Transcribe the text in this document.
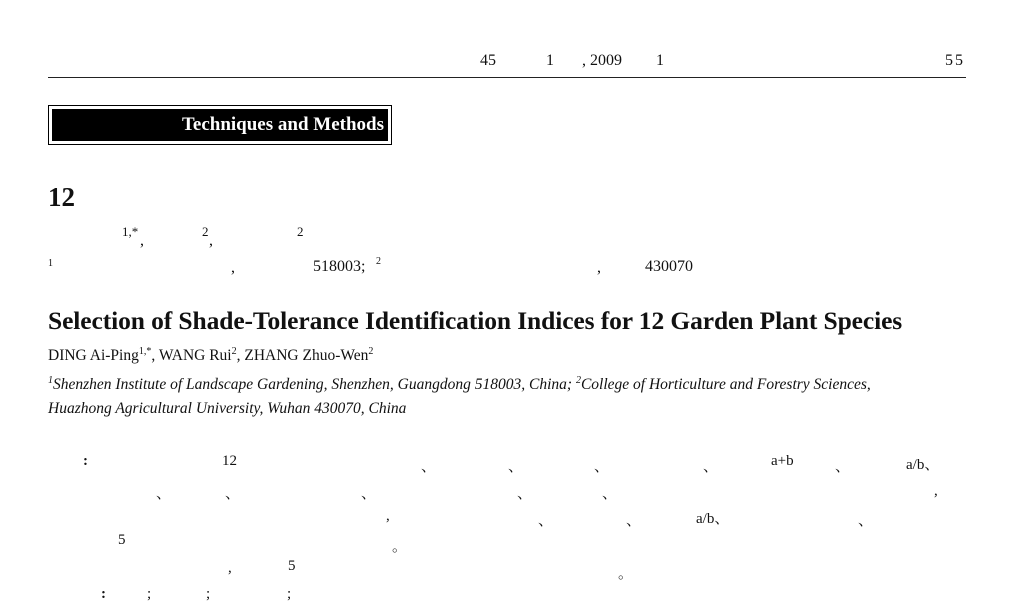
45	1 , 2009 1	55
Techniques and Methods
12
1,*
,
2
,
2
1	,	518003; 2	,	430070
Selection of Shade-Tolerance Identification Indices for 12 Garden Plant Species
DING Ai-Ping$^{1,*}$, WANG Rui$^2$, ZHANG Zhuo-Wen$^2$
$^1$Shenzhen Institute of Landscape Gardening, Shenzhen, Guangdong 518003, China; $^2$College of Horticulture and Forestry Sciences,
Huazhong Agricultural University, Wuhan 430070, China
:	12	、	、	、	、	a+b	、	a/b、
、	、	、	、	、	,
,	、	、	a/b、	、
5	。
,	5	。
:	;	;	;
